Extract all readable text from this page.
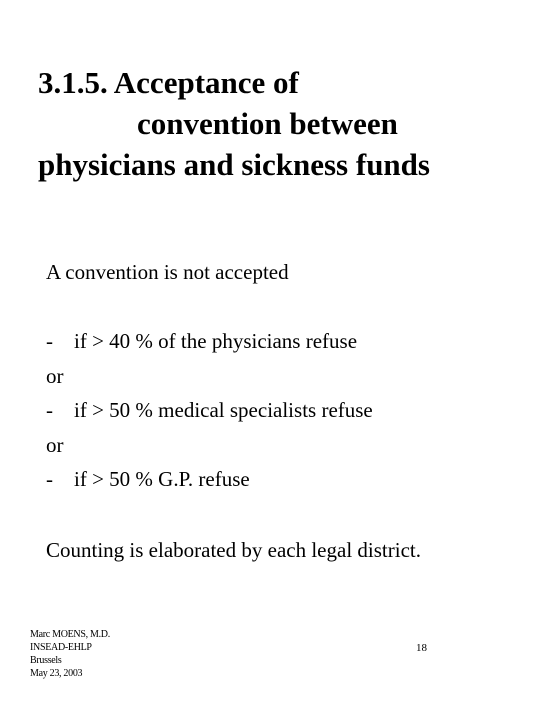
3.1.5. Acceptance of
convention between
physicians and sickness funds
A convention is not accepted
- if > 40 % of the physicians refuse
or
- if > 50 % medical specialists refuse
or
- if > 50 % G.P. refuse
Counting is elaborated by each legal district.
Marc MOENS, M.D.
INSEAD-EHLP
Brussels
May 23, 2003
18
